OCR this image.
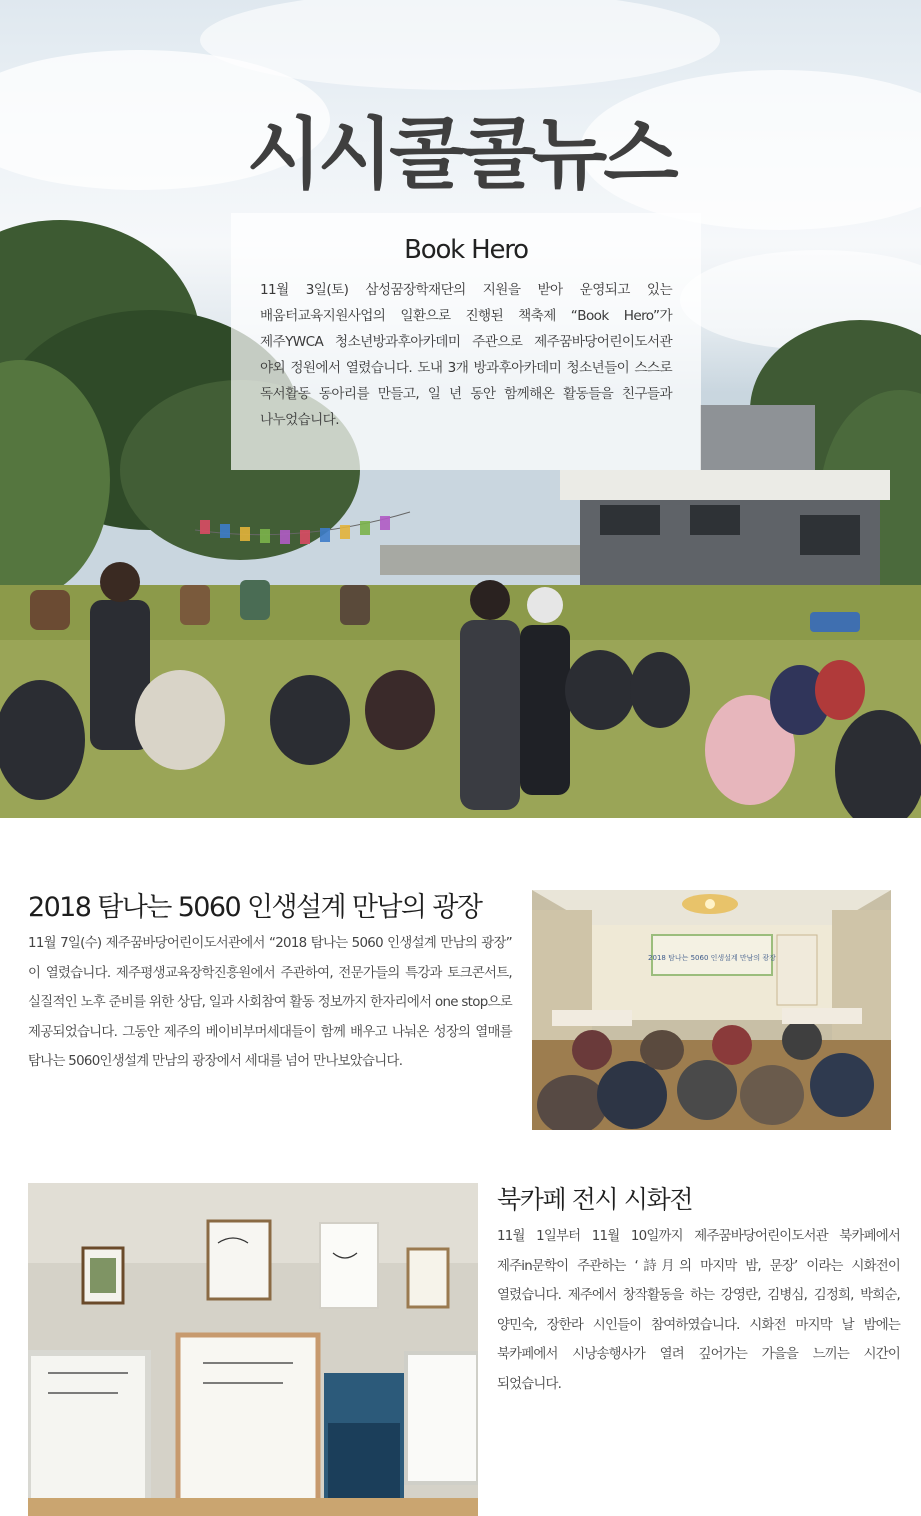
시시콜콜뉴스
Book Hero

11월 3일(토) 삼성꿈장학재단의 지원을 받아 운영되고 있는 배움터교육지원사업의 일환으로 진행된 책축제 “Book Hero”가 제주YWCA 청소년방과후아카데미 주관으로 제주꿈바당어린이도서관 야외 정원에서 열렸습니다. 도내 3개 방과후아카데미 청소년들이 스스로 독서활동 동아리를 만들고, 일 년 동안 함께해온 활동들을 친구들과 나누었습니다.

2018 탐나는 5060 인생설계 만남의 광장

11월 7일(수) 제주꿈바당어린이도서관에서 “2018 탐나는 5060 인생설계 만남의 광장” 이 열렸습니다. 제주평생교육장학진흥원에서 주관하여, 전문가들의 특강과 토크콘서트, 실질적인 노후 준비를 위한 상담, 일과 사회참여 활동 정보까지 한자리에서 one stop으로 제공되었습니다. 그동안 제주의 베이비부머세대들이 함께 배우고 나눠온 성장의 열매를 탐나는 5060인생설계 만남의 광장에서 세대를 넘어 만나보았습니다.

2018 탐나는 5060 인생설계 만남의 광장
북카페 전시 시화전

11월 1일부터 11월 10일까지 제주꿈바당어린이도서관 북카페에서 제주in문학이 주관하는 ‘詩月의 마지막 밤, 문장’ 이라는 시화전이 열렸습니다. 제주에서 창작활동을 하는 강영란, 김병심, 김정희, 박희순, 양민숙, 장한라 시인들이 참여하였습니다. 시화전 마지막 날 밤에는 북카페에서 시낭송행사가 열려 깊어가는 가을을 느끼는 시간이 되었습니다.
